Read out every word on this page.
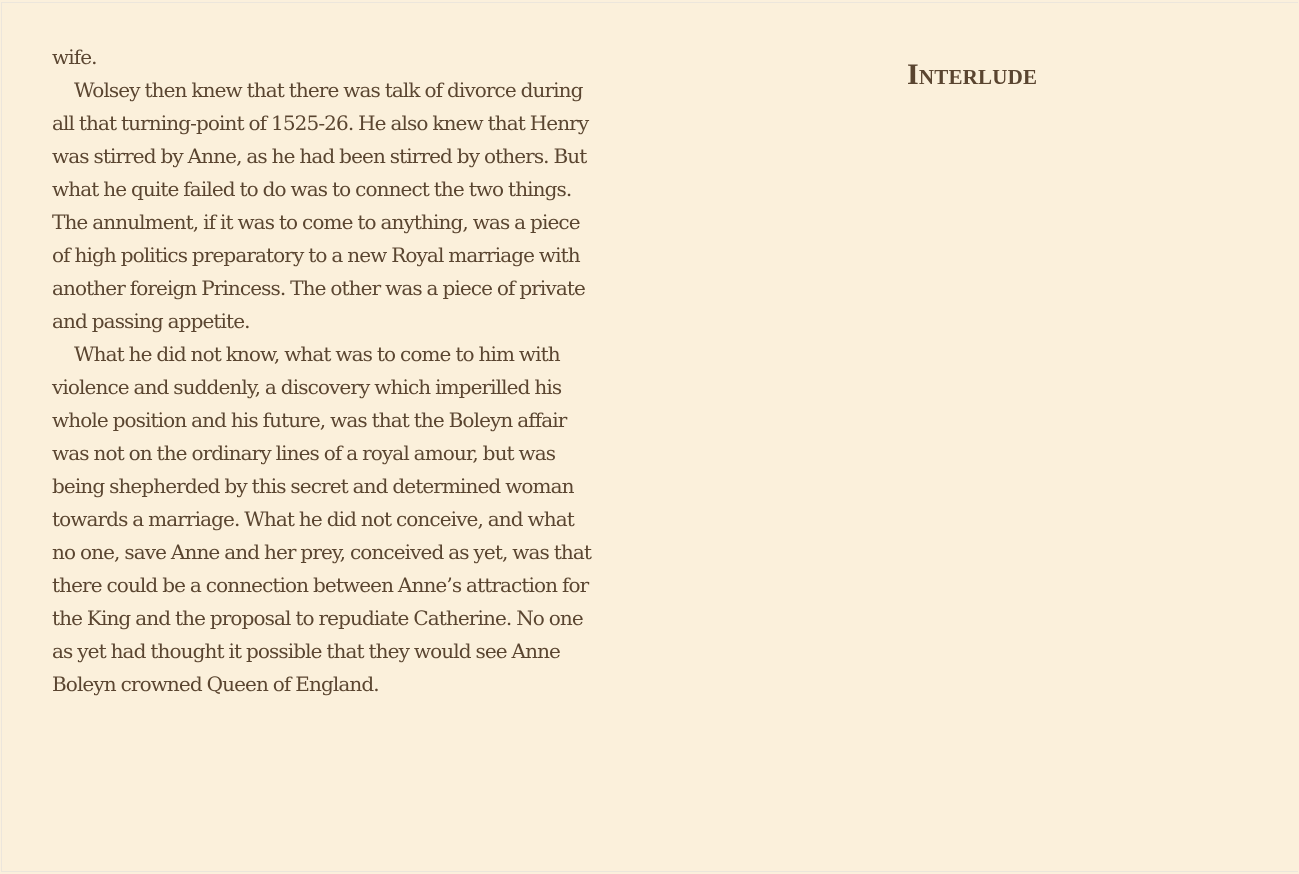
wife.

Wolsey then knew that there was talk of divorce during
all that turning-point of 1525-26. He also knew that Henry
was stirred by Anne, as he had been stirred by others. But
what he quite failed to do was to connect the two things.
The annulment, if it was to come to anything, was a piece
of high politics preparatory to a new Royal marriage with
another foreign Princess. The other was a piece of private
and passing appetite.

What he did not know, what was to come to him with
violence and suddenly, a discovery which imperilled his
whole position and his future, was that the Boleyn affair
was not on the ordinary lines of a royal amour, but was
being shepherded by this secret and determined woman
towards a marriage. What he did not conceive, and what
no one, save Anne and her prey, conceived as yet, was that
there could be a connection between Anne’s attraction for
the King and the proposal to repudiate Catherine. No one
as yet had thought it possible that they would see Anne
Boleyn crowned Queen of England.

Interlude
